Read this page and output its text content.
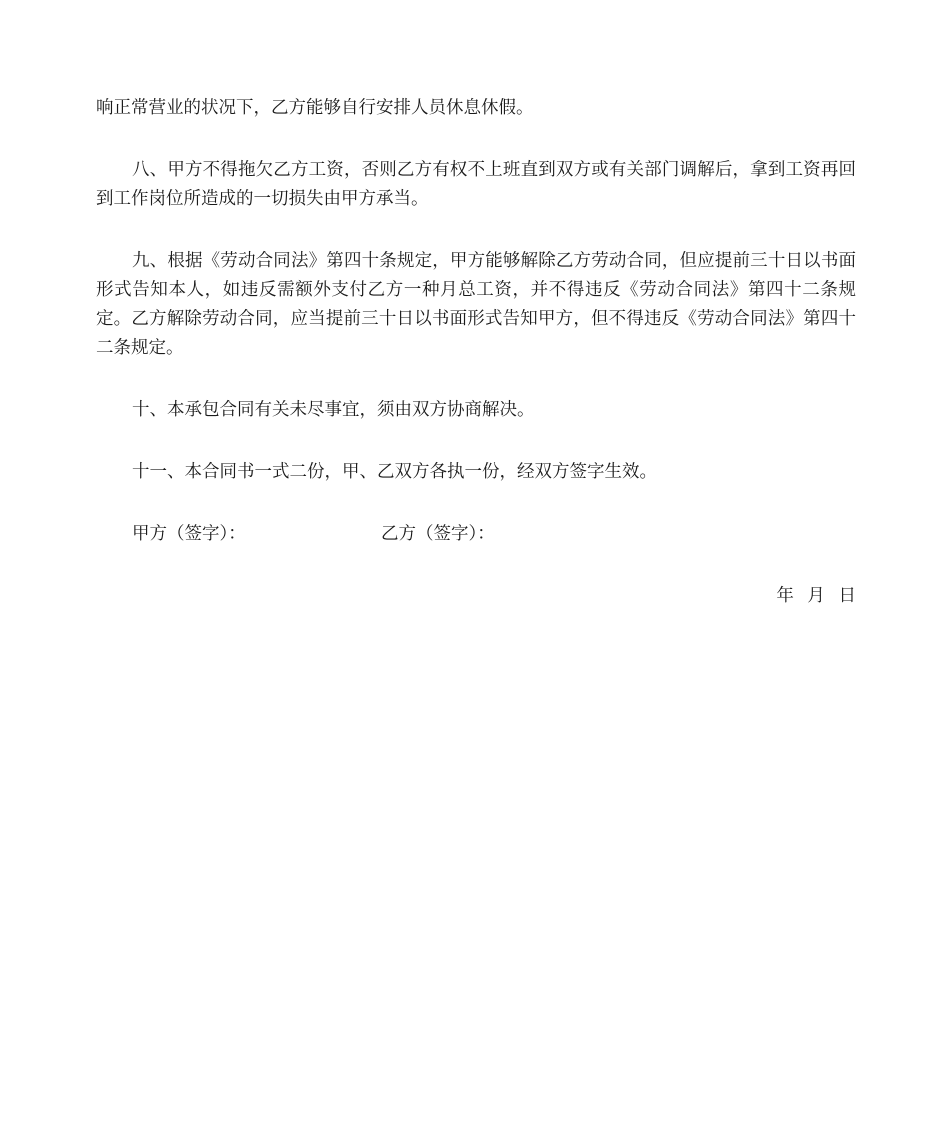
响正常营业的状况下，乙方能够自行安排人员休息休假。

八、甲方不得拖欠乙方工资，否则乙方有权不上班直到双方或有关部门调解后，拿到工资再回到工作岗位所造成的一切损失由甲方承当。

九、根据《劳动合同法》第四十条规定，甲方能够解除乙方劳动合同，但应提前三十日以书面形式告知本人，如违反需额外支付乙方一种月总工资，并不得违反《劳动合同法》第四十二条规定。乙方解除劳动合同，应当提前三十日以书面形式告知甲方，但不得违反《劳动合同法》第四十二条规定。

十、本承包合同有关未尽事宜，须由双方协商解决。

十一、本合同书一式二份，甲、乙双方各执一份，经双方签字生效。

甲方（签字）：	乙方（签字）：

年 月 日
